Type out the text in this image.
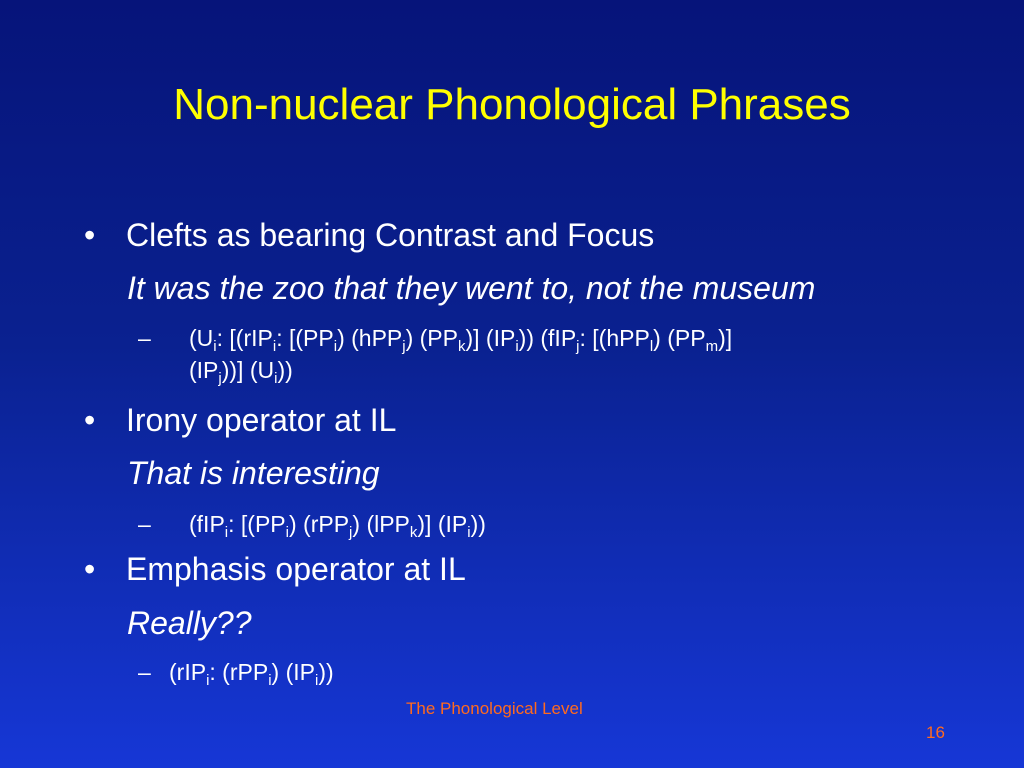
Non-nuclear Phonological Phrases
• Clefts as bearing Contrast and Focus
It was the zoo that they went to, not the museum
– ($U_i$: [(rIP$_i$: [$(PP_i)$ (hPP$_j$) $(PP_k)$] $(IP_i)$) (fIP$_j$: [(hPP$_l$) $(PP_m)$]
$(IP_j)$)] $(U_i)$)
• Irony operator at IL
That is interesting
– (fIP$_i$: [$(PP_i)$ (rPP$_j$) (lPP$_k$)] $(IP_i)$)
• Emphasis operator at IL
Really??
– (rIP$_i$: (rPP$_i$) $(IP_i)$)
The Phonological Level
16
